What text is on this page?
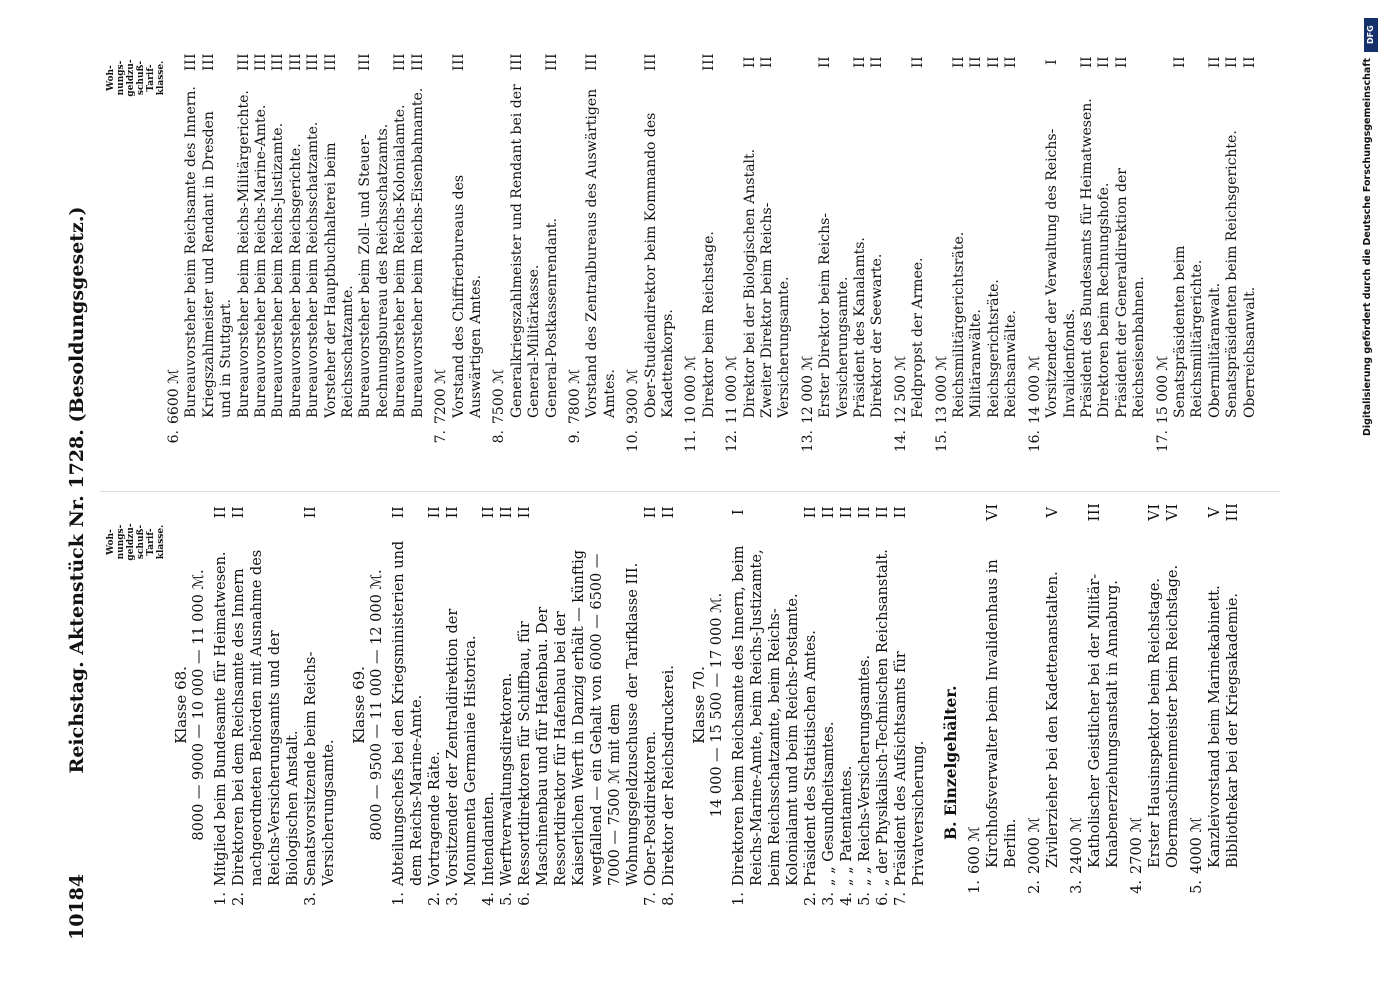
10184
Reichstag. Aktenstück Nr. 1728. (Besoldungsgesetz.) Woh-
nungs-
geldzu-
schuß-
Tarif-
klasse.
Woh-
nungs-
geldzu-
schuß-
Tarif-
klasse.
Klasse 68. 8000 — 9000 — 10 000 — 11 000 ℳ.
1.
Mitglied beim Bundesamte für Heimatwesen.
II
2.
Direktoren bei dem Reichsamte des Innern nachgeordneten Behörden mit Ausnahme des Reichs-Versicherungsamts und der Biologischen Anstalt.
II
3.
Senatsvorsitzende beim Reichs-Versicherungsamte.
II
Klasse 69. 8000 — 9500 — 11 000 — 12 000 ℳ.
1.
Abteilungschefs bei den Kriegsministerien und dem Reichs-Marine-Amte.
II
2.
Vortragende Räte.
II
3.
Vorsitzender der Zentraldirektion der Monumenta Germaniae Historica.
II
4.
Intendanten.
II
5.
Werftverwaltungsdirektoren.
II
6.
Ressortdirektoren für Schiffbau, für Maschinenbau und für Hafenbau. Der Ressortdirektor für Hafenbau bei der Kaiserlichen Werft in Danzig erhält — künftig wegfallend — ein Gehalt von 6000 — 6500 — 7000 — 7500 ℳ mit dem Wohnungsgeldzuschusse der Tarifklasse III.
II
7.
Ober-Postdirektoren.
II
8.
Direktor der Reichsdruckerei.
II
Klasse 70. 14 000 — 15 500 — 17 000 ℳ.
1.
Direktoren beim Reichsamte des Innern, beim Reichs-Marine-Amte, beim Reichs-Justizamte, beim Reichsschatzamte, beim Reichs-Kolonialamt und beim Reichs-Postamte.
I
2.
Präsident des Statistischen Amtes.
II
3.
„ „ Gesundheitsamtes.
II
4.
„ „ Patentamtes.
II
5.
„ „ Reichs-Versicherungsamtes.
II
6.
„ der Physikalisch-Technischen Reichsanstalt.
II
7.
Präsident des Aufsichtsamts für Privatversicherung.
II
B. Einzelgehälter.
1.
600 ℳ Kirchhofsverwalter beim Invalidenhaus in Berlin.
VI
2.
2000 ℳ Zivilerzieher bei den Kadettenanstalten.
V
3.
2400 ℳ Katholischer Geistlicher bei der Militär-Knabenerziehungsanstalt in Annaburg.
III
4.
2700 ℳ Erster Hausinspektor beim Reichstage.
VI
Obermaschinenmeister beim Reichstage.
VI
5.
4000 ℳ Kanzleivorstand beim Marinekabinett.
V
Bibliothekar bei der Kriegsakademie.
III
6.
6600 ℳ Bureauvorsteher beim Reichsamte des Innern.
III
Kriegszahlmeister und Rendant in Dresden und in Stuttgart.
III
Bureauvorsteher beim Reichs-Militärgerichte.
III
Bureauvorsteher beim Reichs-Marine-Amte.
III
Bureauvorsteher beim Reichs-Justizamte.
III
Bureauvorsteher beim Reichsgerichte.
III
Bureauvorsteher beim Reichsschatzamte.
III
Vorsteher der Hauptbuchhalterei beim Reichsschatzamte.
III
Bureauvorsteher beim Zoll- und Steuer-Rechnungsbureau des Reichsschatzamts.
III
Bureauvorsteher beim Reichs-Kolonialamte.
III
Bureauvorsteher beim Reichs-Eisenbahnamte.
III
7.
7200 ℳ Vorstand des Chiffrierbureaus des Auswärtigen Amtes.
III
8.
7500 ℳ Generalkriegszahlmeister und Rendant bei der General-Militärkasse.
III
General-Postkassenrendant.
III
9.
7800 ℳ Vorstand des Zentralbureaus des Auswärtigen Amtes.
III
10.
9300 ℳ Ober-Studiendirektor beim Kommando des Kadettenkorps.
III
11.
10 000 ℳ Direktor beim Reichstage.
III
12.
11 000 ℳ Direktor bei der Biologischen Anstalt.
II
Zweiter Direktor beim Reichs-Versicherungsamte.
II
13.
12 000 ℳ Erster Direktor beim Reichs-Versicherungsamte.
II
Präsident des Kanalamts.
II
Direktor der Seewarte.
II
14.
12 500 ℳ Feldpropst der Armee.
II
15.
13 000 ℳ Reichsmilitärgerichtsräte.
II
Militäranwälte.
II
Reichsgerichtsräte.
II
Reichsanwälte.
II
16.
14 000 ℳ Vorsitzender der Verwaltung des Reichs-Invalidenfonds.
I
Präsident des Bundesamts für Heimatwesen.
II
Direktoren beim Rechnungshofe.
II
Präsident der Generaldirektion der Reichseisenbahnen.
II
17.
15 000 ℳ Senatspräsidenten beim Reichsmilitärgerichte.
II
Obermilitäranwalt.
II
Senatspräsidenten beim Reichsgerichte.
II
Oberreichsanwalt.
II
DFG
Digitalisierung gefördert durch die Deutsche Forschungsgemeinschaft
